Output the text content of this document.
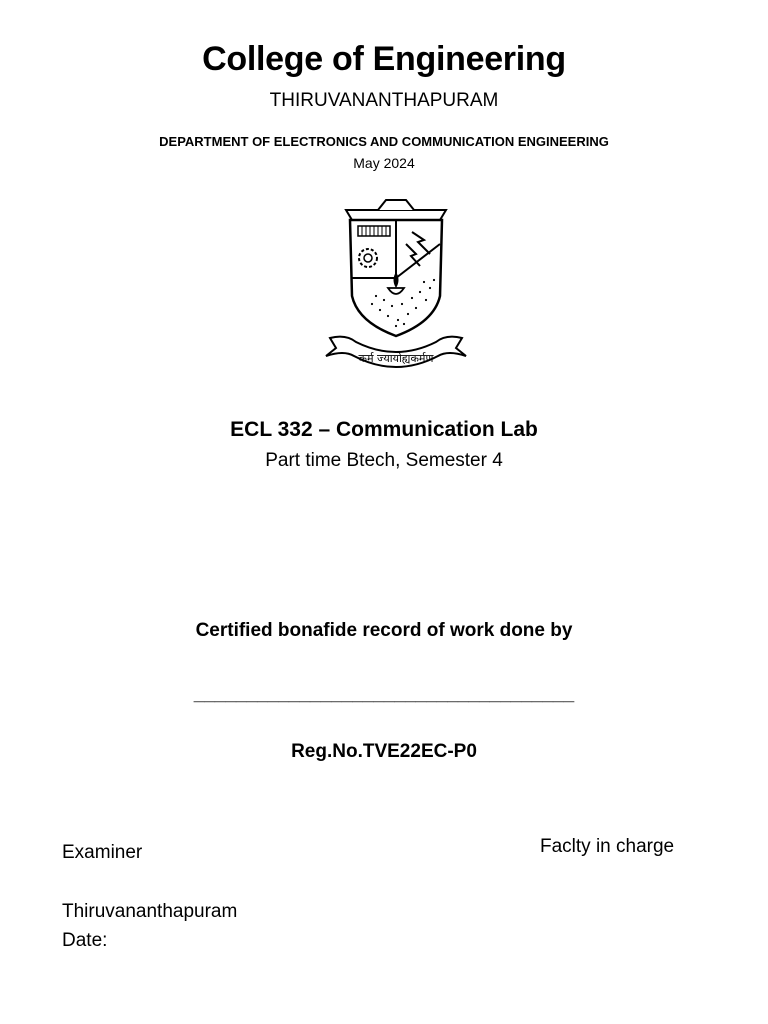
College of Engineering
THIRUVANANTHAPURAM
DEPARTMENT OF ELECTRONICS AND COMMUNICATION ENGINEERING
May 2024
कर्म ज्यायोह्यकर्मण
ECL 332 – Communication Lab
Part time Btech, Semester 4
Certified bonafide record of work done by
____________________________________
Reg.No.TVE22EC-P0
Examiner	Faclty in charge
Thiruvananthapuram
Date:
